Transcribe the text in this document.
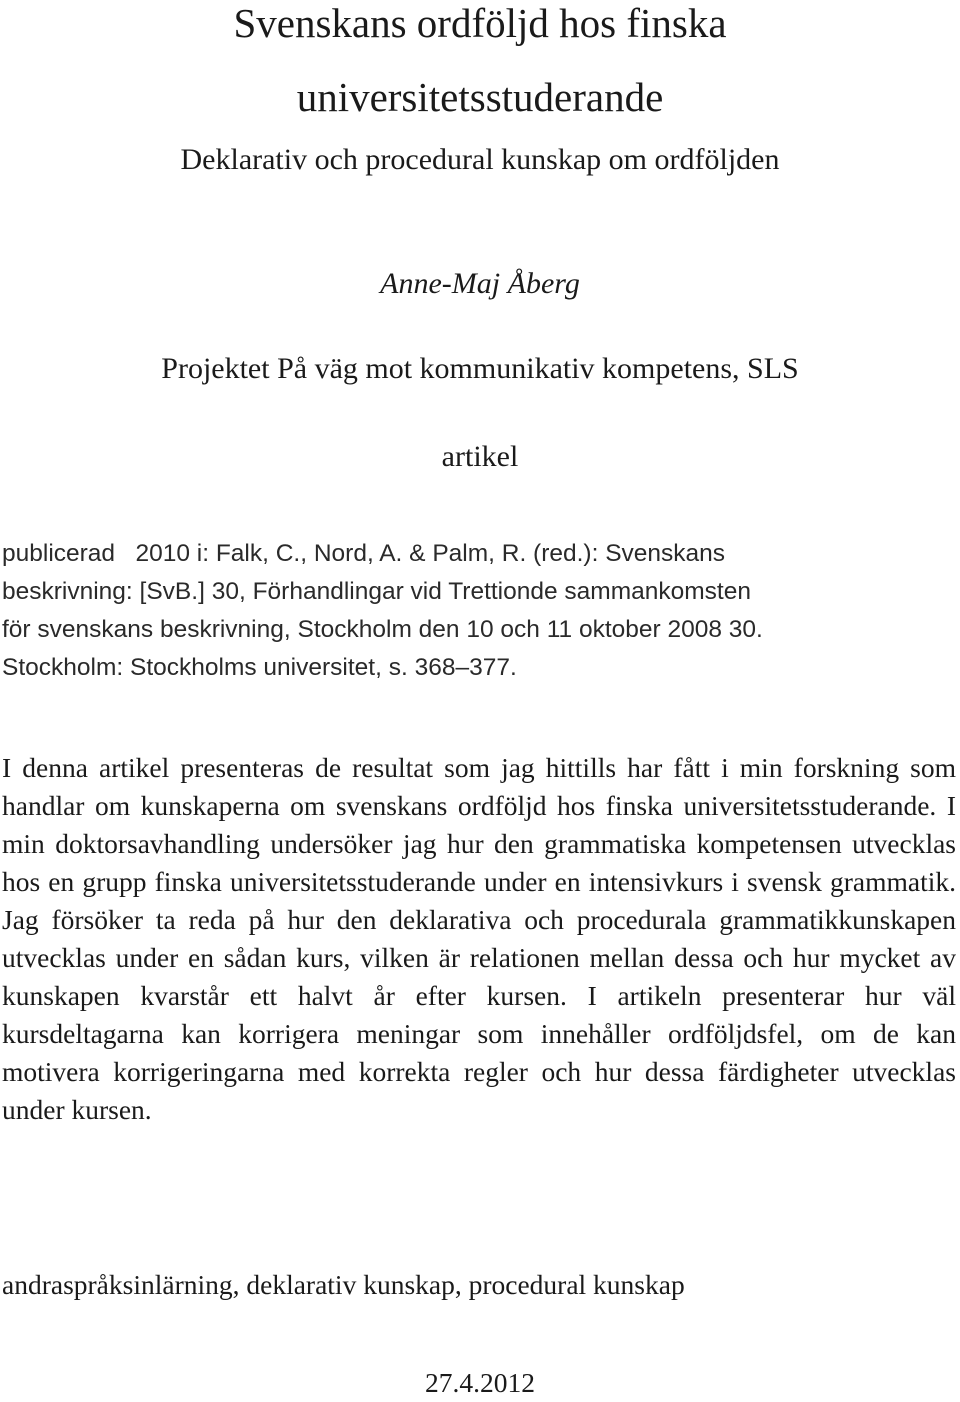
Svenskans ordföljd hos finska
universitetsstuderande
Deklarativ och procedural kunskap om ordföljden
Anne-Maj Åberg
Projektet På väg mot kommunikativ kompetens, SLS
artikel
publicerad   2010 i: Falk, C., Nord, A. & Palm, R. (red.): Svenskans
beskrivning: [SvB.] 30, Förhandlingar vid Trettionde sammankomsten
för svenskans beskrivning, Stockholm den 10 och 11 oktober 2008 30.
Stockholm: Stockholms universitet, s. 368–377.

I denna artikel presenteras de resultat som jag hittills har fått i min forskning som handlar om kunskaperna om svenskans ordföljd hos finska universitetsstuderande. I min doktorsavhandling undersöker jag hur den grammatiska kompetensen utvecklas hos en grupp finska universitetsstuderande under en intensivkurs i svensk grammatik. Jag försöker ta reda på hur den deklarativa och procedurala grammatikkunskapen utvecklas under en sådan kurs, vilken är relationen mellan dessa och hur mycket av kunskapen kvarstår ett halvt år efter kursen. I artikeln presenterar hur väl kursdeltagarna kan korrigera meningar som innehåller ordföljdsfel, om de kan motivera korrigeringarna med korrekta regler och hur dessa färdigheter utvecklas under kursen.

andraspråksinlärning, deklarativ kunskap, procedural kunskap
27.4.2012
